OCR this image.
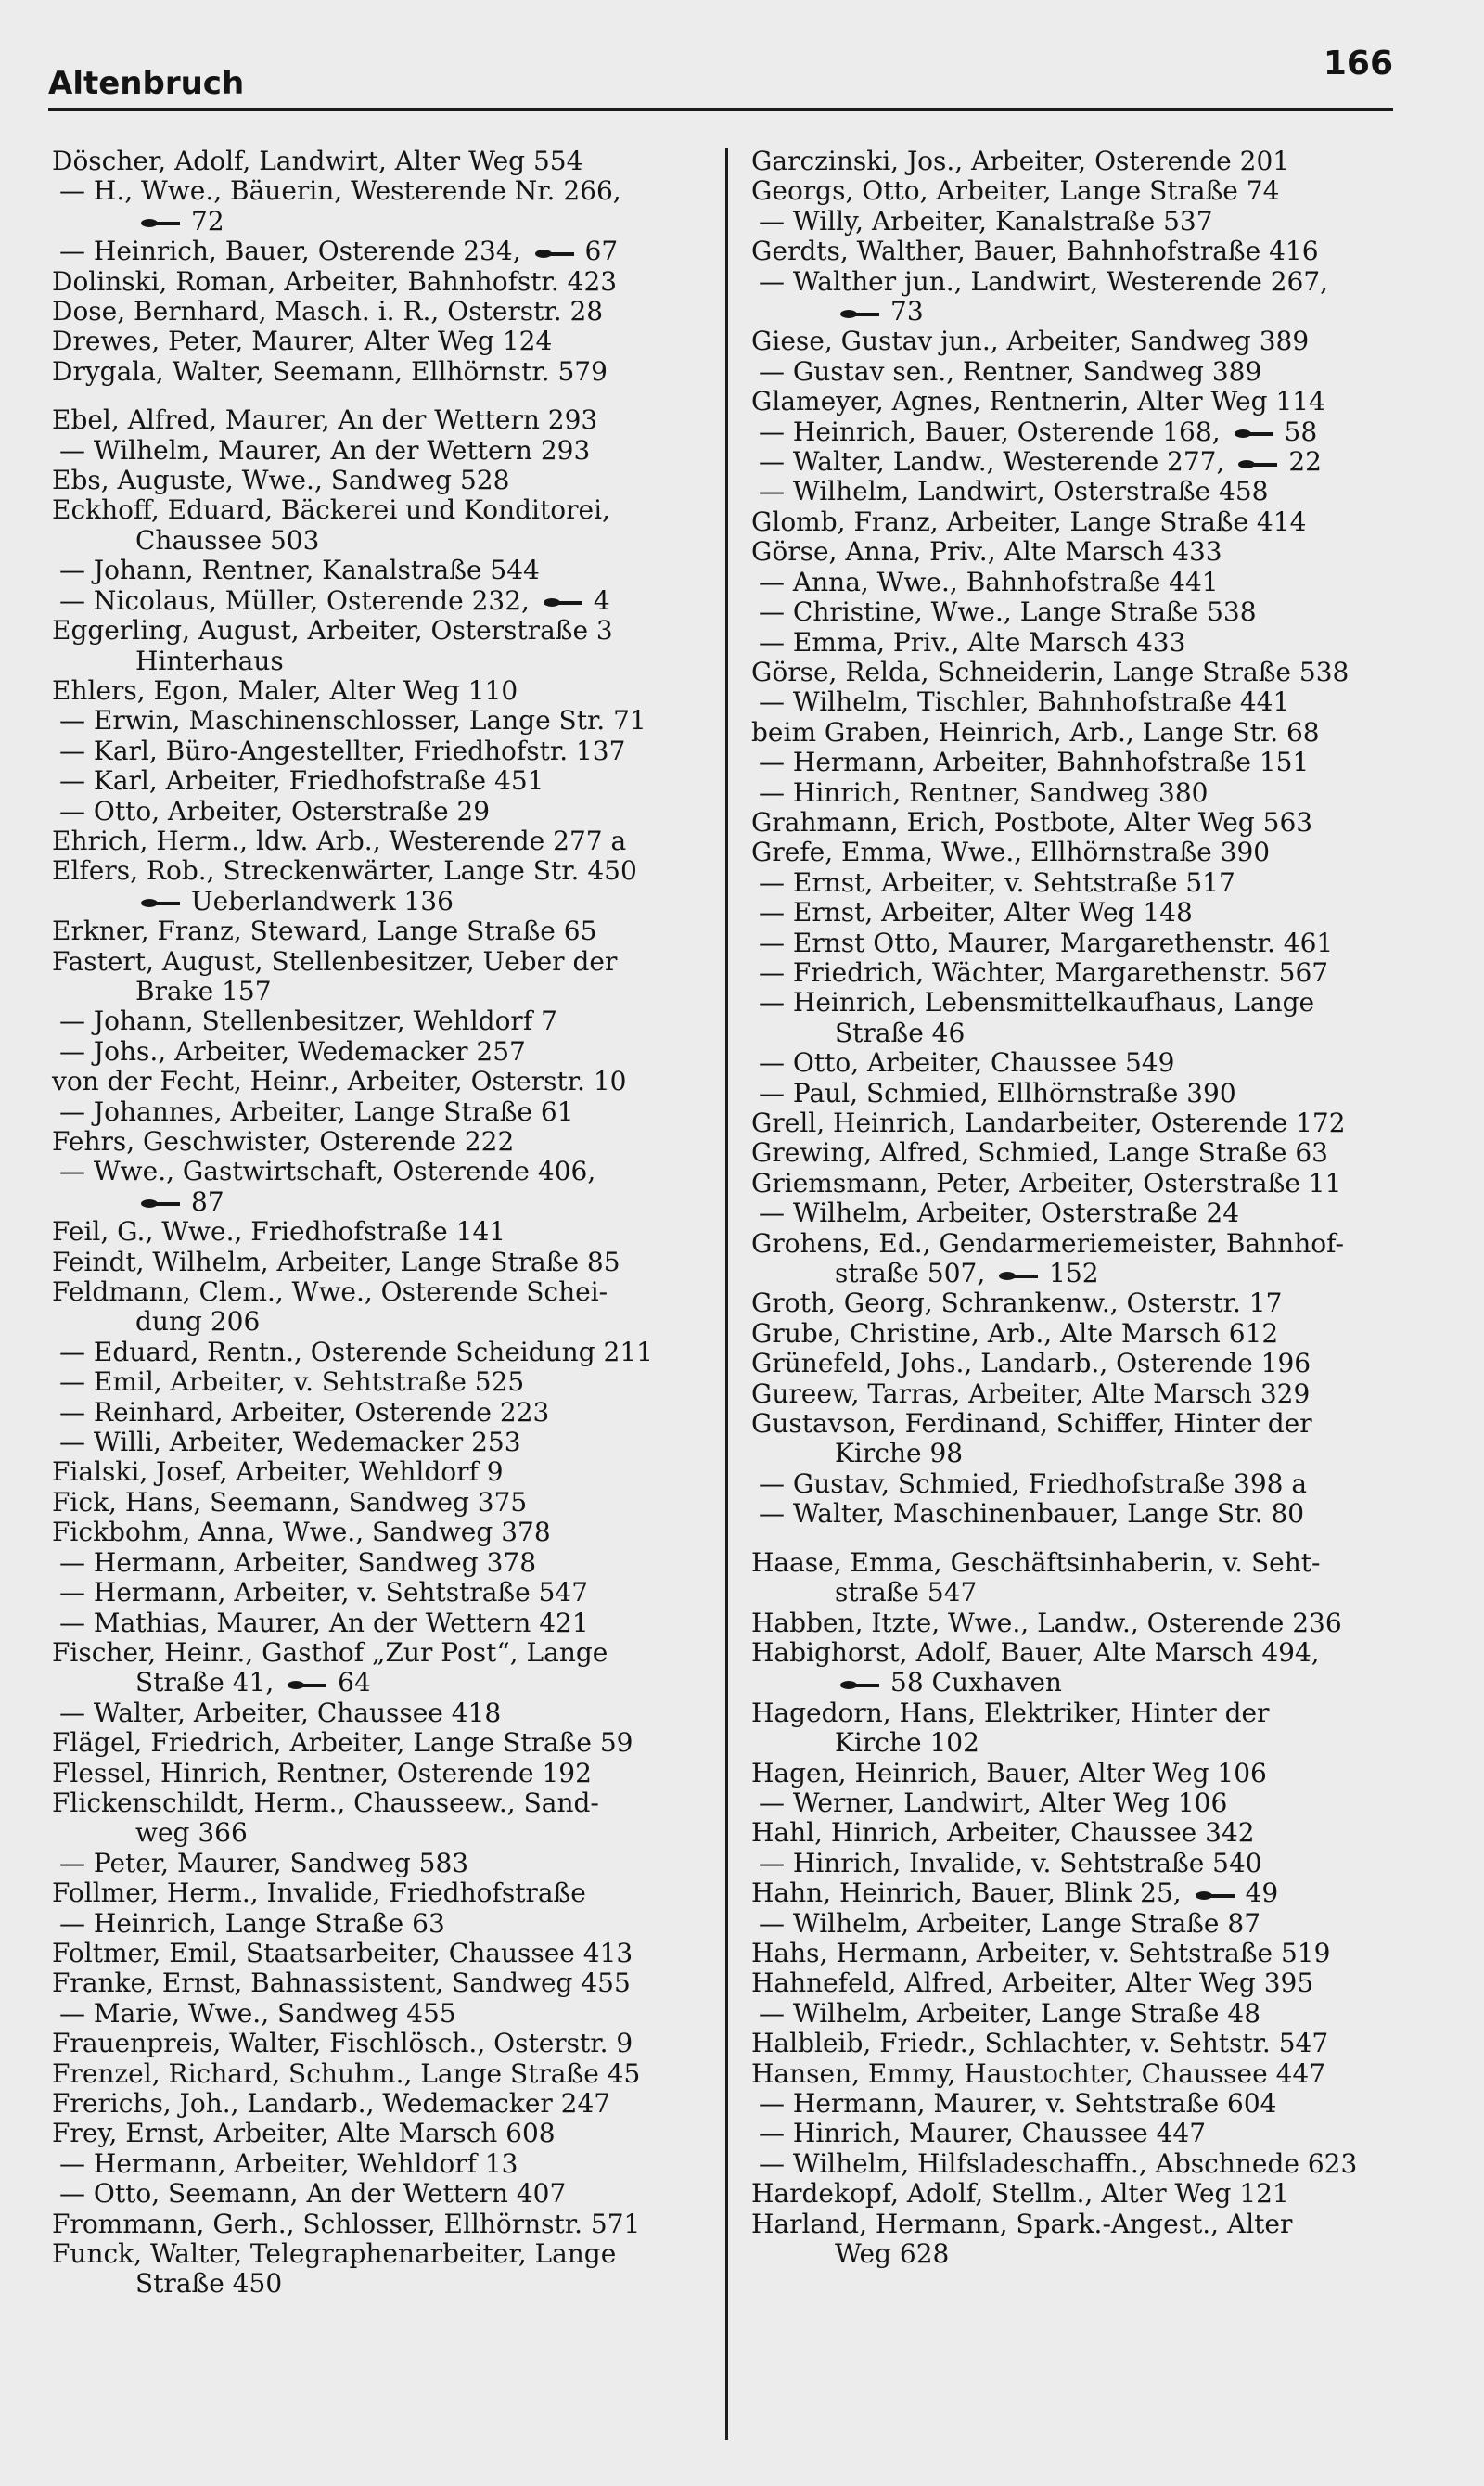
Altenbruch
166
Döscher, Adolf, Landwirt, Alter Weg 554
— H., Wwe., Bäuerin, Westerende Nr. 266,
72
— Heinrich, Bauer, Osterende 234, 67
Dolinski, Roman, Arbeiter, Bahnhofstr. 423
Dose, Bernhard, Masch. i. R., Osterstr. 28
Drewes, Peter, Maurer, Alter Weg 124
Drygala, Walter, Seemann, Ellhörnstr. 579
Ebel, Alfred, Maurer, An der Wettern 293
— Wilhelm, Maurer, An der Wettern 293
Ebs, Auguste, Wwe., Sandweg 528
Eckhoff, Eduard, Bäckerei und Konditorei,
Chaussee 503
— Johann, Rentner, Kanalstraße 544
— Nicolaus, Müller, Osterende 232, 4
Eggerling, August, Arbeiter, Osterstraße 3
Hinterhaus
Ehlers, Egon, Maler, Alter Weg 110
— Erwin, Maschinenschlosser, Lange Str. 71
— Karl, Büro-Angestellter, Friedhofstr. 137
— Karl, Arbeiter, Friedhofstraße 451
— Otto, Arbeiter, Osterstraße 29
Ehrich, Herm., ldw. Arb., Westerende 277 a
Elfers, Rob., Streckenwärter, Lange Str. 450
Ueberlandwerk 136
Erkner, Franz, Steward, Lange Straße 65
Fastert, August, Stellenbesitzer, Ueber der
Brake 157
— Johann, Stellenbesitzer, Wehldorf 7
— Johs., Arbeiter, Wedemacker 257
von der Fecht, Heinr., Arbeiter, Osterstr. 10
— Johannes, Arbeiter, Lange Straße 61
Fehrs, Geschwister, Osterende 222
— Wwe., Gastwirtschaft, Osterende 406,
87
Feil, G., Wwe., Friedhofstraße 141
Feindt, Wilhelm, Arbeiter, Lange Straße 85
Feldmann, Clem., Wwe., Osterende Schei-
dung 206
— Eduard, Rentn., Osterende Scheidung 211
— Emil, Arbeiter, v. Sehtstraße 525
— Reinhard, Arbeiter, Osterende 223
— Willi, Arbeiter, Wedemacker 253
Fialski, Josef, Arbeiter, Wehldorf 9
Fick, Hans, Seemann, Sandweg 375
Fickbohm, Anna, Wwe., Sandweg 378
— Hermann, Arbeiter, Sandweg 378
— Hermann, Arbeiter, v. Sehtstraße 547
— Mathias, Maurer, An der Wettern 421
Fischer, Heinr., Gasthof „Zur Post“, Lange
Straße 41, 64
— Walter, Arbeiter, Chaussee 418
Flägel, Friedrich, Arbeiter, Lange Straße 59
Flessel, Hinrich, Rentner, Osterende 192
Flickenschildt, Herm., Chausseew., Sand-
weg 366
— Peter, Maurer, Sandweg 583
Follmer, Herm., Invalide, Friedhofstraße
— Heinrich, Lange Straße 63
Foltmer, Emil, Staatsarbeiter, Chaussee 413
Franke, Ernst, Bahnassistent, Sandweg 455
— Marie, Wwe., Sandweg 455
Frauenpreis, Walter, Fischlösch., Osterstr. 9
Frenzel, Richard, Schuhm., Lange Straße 45
Frerichs, Joh., Landarb., Wedemacker 247
Frey, Ernst, Arbeiter, Alte Marsch 608
— Hermann, Arbeiter, Wehldorf 13
— Otto, Seemann, An der Wettern 407
Frommann, Gerh., Schlosser, Ellhörnstr. 571
Funck, Walter, Telegraphenarbeiter, Lange
Straße 450
Garczinski, Jos., Arbeiter, Osterende 201
Georgs, Otto, Arbeiter, Lange Straße 74
— Willy, Arbeiter, Kanalstraße 537
Gerdts, Walther, Bauer, Bahnhofstraße 416
— Walther jun., Landwirt, Westerende 267,
73
Giese, Gustav jun., Arbeiter, Sandweg 389
— Gustav sen., Rentner, Sandweg 389
Glameyer, Agnes, Rentnerin, Alter Weg 114
— Heinrich, Bauer, Osterende 168, 58
— Walter, Landw., Westerende 277, 22
— Wilhelm, Landwirt, Osterstraße 458
Glomb, Franz, Arbeiter, Lange Straße 414
Görse, Anna, Priv., Alte Marsch 433
— Anna, Wwe., Bahnhofstraße 441
— Christine, Wwe., Lange Straße 538
— Emma, Priv., Alte Marsch 433
Görse, Relda, Schneiderin, Lange Straße 538
— Wilhelm, Tischler, Bahnhofstraße 441
beim Graben, Heinrich, Arb., Lange Str. 68
— Hermann, Arbeiter, Bahnhofstraße 151
— Hinrich, Rentner, Sandweg 380
Grahmann, Erich, Postbote, Alter Weg 563
Grefe, Emma, Wwe., Ellhörnstraße 390
— Ernst, Arbeiter, v. Sehtstraße 517
— Ernst, Arbeiter, Alter Weg 148
— Ernst Otto, Maurer, Margarethenstr. 461
— Friedrich, Wächter, Margarethenstr. 567
— Heinrich, Lebensmittelkaufhaus, Lange
Straße 46
— Otto, Arbeiter, Chaussee 549
— Paul, Schmied, Ellhörnstraße 390
Grell, Heinrich, Landarbeiter, Osterende 172
Grewing, Alfred, Schmied, Lange Straße 63
Griemsmann, Peter, Arbeiter, Osterstraße 11
— Wilhelm, Arbeiter, Osterstraße 24
Grohens, Ed., Gendarmeriemeister, Bahnhof-
straße 507, 152
Groth, Georg, Schrankenw., Osterstr. 17
Grube, Christine, Arb., Alte Marsch 612
Grünefeld, Johs., Landarb., Osterende 196
Gureew, Tarras, Arbeiter, Alte Marsch 329
Gustavson, Ferdinand, Schiffer, Hinter der
Kirche 98
— Gustav, Schmied, Friedhofstraße 398 a
— Walter, Maschinenbauer, Lange Str. 80
Haase, Emma, Geschäftsinhaberin, v. Seht-
straße 547
Habben, Itzte, Wwe., Landw., Osterende 236
Habighorst, Adolf, Bauer, Alte Marsch 494,
58 Cuxhaven
Hagedorn, Hans, Elektriker, Hinter der
Kirche 102
Hagen, Heinrich, Bauer, Alter Weg 106
— Werner, Landwirt, Alter Weg 106
Hahl, Hinrich, Arbeiter, Chaussee 342
— Hinrich, Invalide, v. Sehtstraße 540
Hahn, Heinrich, Bauer, Blink 25, 49
— Wilhelm, Arbeiter, Lange Straße 87
Hahs, Hermann, Arbeiter, v. Sehtstraße 519
Hahnefeld, Alfred, Arbeiter, Alter Weg 395
— Wilhelm, Arbeiter, Lange Straße 48
Halbleib, Friedr., Schlachter, v. Sehtstr. 547
Hansen, Emmy, Haustochter, Chaussee 447
— Hermann, Maurer, v. Sehtstraße 604
— Hinrich, Maurer, Chaussee 447
— Wilhelm, Hilfsladeschaffn., Abschnede 623
Hardekopf, Adolf, Stellm., Alter Weg 121
Harland, Hermann, Spark.-Angest., Alter
Weg 628
